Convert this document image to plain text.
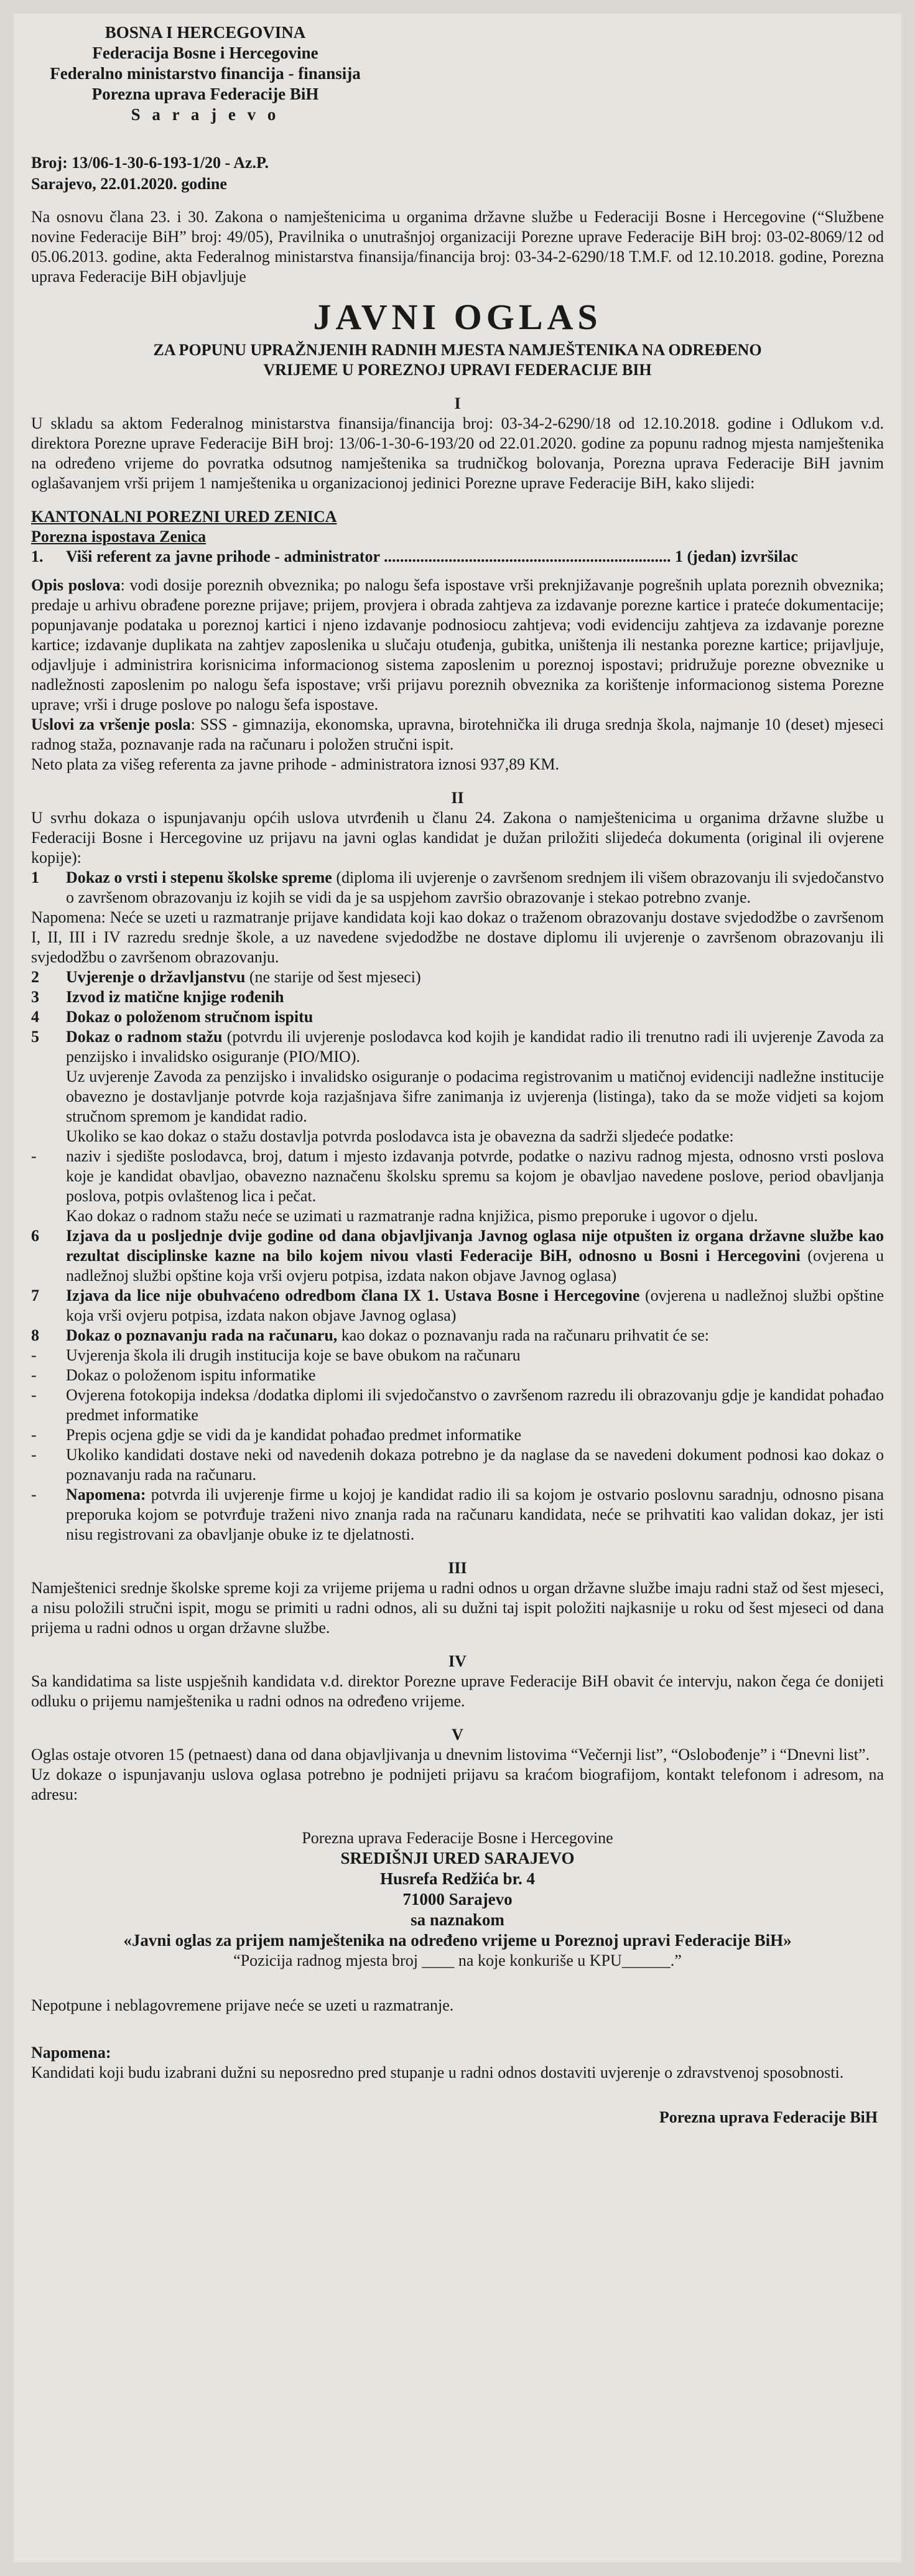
BOSNA I HERCEGOVINA
Federacija Bosne i Hercegovine
Federalno ministarstvo financija - finansija
Porezna uprava Federacije BiH
S a r a j e v o
Broj: 13/06-1-30-6-193-1/20 - Az.P.
Sarajevo, 22.01.2020. godine

Na osnovu člana 23. i 30. Zakona o namještenicima u organima državne službe u Federaciji Bosne i Hercegovine (“Službene novine Federacije BiH” broj: 49/05), Pravilnika o unutrašnjoj organizaciji Porezne uprave Federacije BiH broj: 03-02-8069/12 od 05.06.2013. godine, akta Federalnog ministarstva finansija/financija broj: 03-34-2-6290/18 T.M.F. od 12.10.2018. godine, Porezna uprava Federacije BiH objavljuje

JAVNI OGLAS
ZA POPUNU UPRAŽNJENIH RADNIH MJESTA NAMJEŠTENIKA NA ODREĐENO
VRIJEME U POREZNOJ UPRAVI FEDERACIJE BIH
I

U skladu sa aktom Federalnog ministarstva finansija/financija broj: 03-34-2-6290/18 od 12.10.2018. godine i Odlukom v.d. direktora Porezne uprave Federacije BiH broj: 13/06-1-30-6-193/20 od 22.01.2020. godine za popunu radnog mjesta namještenika na određeno vrijeme do povratka odsutnog namještenika sa trudničkog bolovanja, Porezna uprava Federacije BiH javnim oglašavanjem vrši prijem 1 namještenika u organizacionoj jedinici Porezne uprave Federacije BiH, kako slijedi:

KANTONALNI POREZNI URED ZENICA
Porezna ispostava Zenica
1.	Viši referent za javne prihode - administrator ....................................................................... 1 (jedan) izvršilac

Opis poslova: vodi dosije poreznih obveznika; po nalogu šefa ispostave vrši preknjižavanje pogrešnih uplata poreznih obveznika; predaje u arhivu obrađene porezne prijave; prijem, provjera i obrada zahtjeva za izdavanje porezne kartice i prateće dokumentacije; popunjavanje podataka u poreznoj kartici i njeno izdavanje podnosiocu zahtjeva; vodi evidenciju zahtjeva za izdavanje porezne kartice; izdavanje duplikata na zahtjev zaposlenika u slučaju otuđenja, gubitka, uništenja ili nestanka porezne kartice; prijavljuje, odjavljuje i administrira korisnicima informacionog sistema zaposlenim u poreznoj ispostavi; pridružuje porezne obveznike u nadležnosti zaposlenim po nalogu šefa ispostave; vrši prijavu poreznih obveznika za korištenje informacionog sistema Porezne uprave; vrši i druge poslove po nalogu šefa ispostave.

Uslovi za vršenje posla: SSS - gimnazija, ekonomska, upravna, birotehnička ili druga srednja škola, najmanje 10 (deset) mjeseci radnog staža, poznavanje rada na računaru i položen stručni ispit.

Neto plata za višeg referenta za javne prihode - administratora iznosi 937,89 KM.

II

U svrhu dokaza o ispunjavanju općih uslova utvrđenih u članu 24. Zakona o namještenicima u organima državne službe u Federaciji Bosne i Hercegovine uz prijavu na javni oglas kandidat je dužan priložiti slijedeća dokumenta (original ili ovjerene kopije):

1	Dokaz o vrsti i stepenu školske spreme (diploma ili uvjerenje o završenom srednjem ili višem obrazovanju ili svjedočanstvo o završenom obrazovanju iz kojih se vidi da je sa uspjehom završio obrazovanje i stekao potrebno zvanje.

Napomena: Neće se uzeti u razmatranje prijave kandidata koji kao dokaz o traženom obrazovanju dostave svjedodžbe o završenom I, II, III i IV razredu srednje škole, a uz navedene svjedodžbe ne dostave diplomu ili uvjerenje o završenom obrazovanju ili svjedodžbu o završenom obrazovanju.

2	Uvjerenje o državljanstvu (ne starije od šest mjeseci)
3	Izvod iz matične knjige rođenih
4	Dokaz o položenom stručnom ispitu
5	Dokaz o radnom stažu (potvrdu ili uvjerenje poslodavca kod kojih je kandidat radio ili trenutno radi ili uvjerenje Zavoda za penzijsko i invalidsko osiguranje (PIO/MIO).

Uz uvjerenje Zavoda za penzijsko i invalidsko osiguranje o podacima registrovanim u matičnoj evidenciji nadležne institucije obavezno je dostavljanje potvrde koja razjašnjava šifre zanimanja iz uvjerenja (listinga), tako da se može vidjeti sa kojom stručnom spremom je kandidat radio.

Ukoliko se kao dokaz o stažu dostavlja potvrda poslodavca ista je obavezna da sadrži sljedeće podatke:

-	naziv i sjedište poslodavca, broj, datum i mjesto izdavanja potvrde, podatke o nazivu radnog mjesta, odnosno vrsti poslova koje je kandidat obavljao, obavezno naznačenu školsku spremu sa kojom je obavljao navedene poslove, period obavljanja poslova, potpis ovlaštenog lica i pečat.

Kao dokaz o radnom stažu neće se uzimati u razmatranje radna knjižica, pismo preporuke i ugovor o djelu.

6	Izjava da u posljednje dvije godine od dana objavljivanja Javnog oglasa nije otpušten iz organa državne službe kao rezultat disciplinske kazne na bilo kojem nivou vlasti Federacije BiH, odnosno u Bosni i Hercegovini (ovjerena u nadležnoj službi opštine koja vrši ovjeru potpisa, izdata nakon objave Javnog oglasa)
7	Izjava da lice nije obuhvaćeno odredbom člana IX 1. Ustava Bosne i Hercegovine (ovjerena u nadležnoj službi opštine koja vrši ovjeru potpisa, izdata nakon objave Javnog oglasa)
8	Dokaz o poznavanju rada na računaru, kao dokaz o poznavanju rada na računaru prihvatit će se:
-	Uvjerenja škola ili drugih institucija koje se bave obukom na računaru
-	Dokaz o položenom ispitu informatike
-	Ovjerena fotokopija indeksa /dodatka diplomi ili svjedočanstvo o završenom razredu ili obrazovanju gdje je kandidat pohađao predmet informatike
-	Prepis ocjena gdje se vidi da je kandidat pohađao predmet informatike
-	Ukoliko kandidati dostave neki od navedenih dokaza potrebno je da naglase da se navedeni dokument podnosi kao dokaz o poznavanju rada na računaru.
-	Napomena: potvrda ili uvjerenje firme u kojoj je kandidat radio ili sa kojom je ostvario poslovnu saradnju, odnosno pisana preporuka kojom se potvrđuje traženi nivo znanja rada na računaru kandidata, neće se prihvatiti kao validan dokaz, jer isti nisu registrovani za obavljanje obuke iz te djelatnosti.
III

Namještenici srednje školske spreme koji za vrijeme prijema u radni odnos u organ državne službe imaju radni staž od šest mjeseci, a nisu položili stručni ispit, mogu se primiti u radni odnos, ali su dužni taj ispit položiti najkasnije u roku od šest mjeseci od dana prijema u radni odnos u organ državne službe.

IV

Sa kandidatima sa liste uspješnih kandidata v.d. direktor Porezne uprave Federacije BiH obavit će intervju, nakon čega će donijeti odluku o prijemu namještenika u radni odnos na određeno vrijeme.

V

Oglas ostaje otvoren 15 (petnaest) dana od dana objavljivanja u dnevnim listovima “Večernji list”, “Oslobođenje” i “Dnevni list”.

Uz dokaze o ispunjavanju uslova oglasa potrebno je podnijeti prijavu sa kraćom biografijom, kontakt telefonom i adresom, na adresu:

Porezna uprava Federacije Bosne i Hercegovine
SREDIŠNJI URED SARAJEVO
Husrefa Redžića br. 4
71000 Sarajevo
sa naznakom
«Javni oglas za prijem namještenika na određeno vrijeme u Poreznoj upravi Federacije BiH»
“Pozicija radnog mjesta broj ____ na koje konkuriše u KPU______.”

Nepotpune i neblagovremene prijave neće se uzeti u razmatranje.

Napomena:

Kandidati koji budu izabrani dužni su neposredno pred stupanje u radni odnos dostaviti uvjerenje o zdravstvenoj sposobnosti.

Porezna uprava Federacije BiH
